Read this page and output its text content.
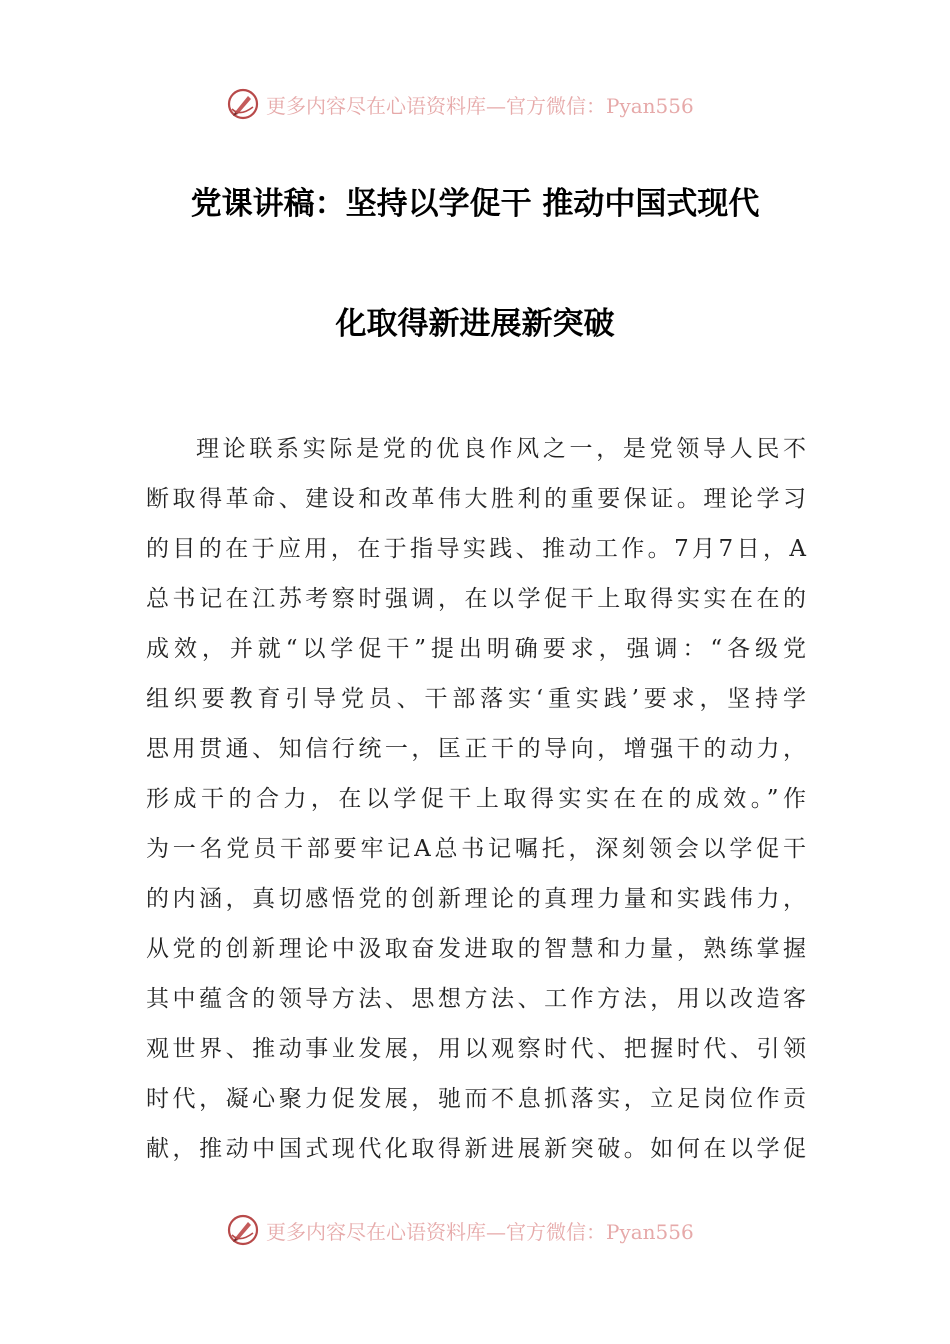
更多内容尽在心语资料库—官方微信：Pyan556
党课讲稿：坚持以学促干 推动中国式现代
化取得新进展新突破
理论联系实际是党的优良作风之一，是党领导人民不
断取得革命、建设和改革伟大胜利的重要保证。理论学习
的目的在于应用，在于指导实践、推动工作。7月7日，A
总书记在江苏考察时强调，在以学促干上取得实实在在的
成效，并就“以学促干”提出明确要求，强调：“各级党
组织要教育引导党员、干部落实‘重实践’要求，坚持学
思用贯通、知信行统一，匡正干的导向，增强干的动力，
形成干的合力，在以学促干上取得实实在在的成效。”作
为一名党员干部要牢记A总书记嘱托，深刻领会以学促干
的内涵，真切感悟党的创新理论的真理力量和实践伟力，
从党的创新理论中汲取奋发进取的智慧和力量，熟练掌握
其中蕴含的领导方法、思想方法、工作方法，用以改造客
观世界、推动事业发展，用以观察时代、把握时代、引领
时代，凝心聚力促发展，驰而不息抓落实，立足岗位作贡
献，推动中国式现代化取得新进展新突破。如何在以学促
更多内容尽在心语资料库—官方微信：Pyan556
